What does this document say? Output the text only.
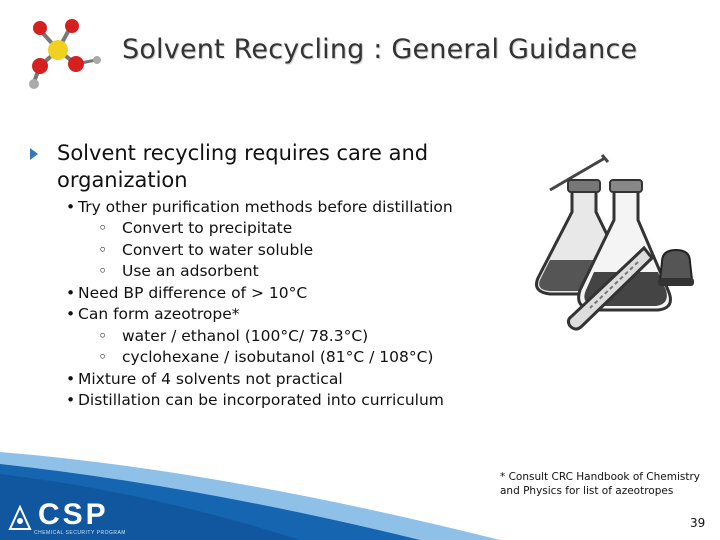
Solvent Recycling : General Guidance
Solvent recycling requires care and organization
• Try other purification methods before distillation
◦ Convert to precipitate
◦ Convert to water soluble
◦ Use an adsorbent
• Need BP difference of > 10°C
• Can form azeotrope*
◦ water / ethanol (100°C/ 78.3°C)
◦ cyclohexane / isobutanol (81°C / 108°C)
• Mixture of 4 solvents not practical
• Distillation can be incorporated into curriculum
CSP
CHEMICAL SECURITY PROGRAM
* Consult CRC Handbook of Chemistry and Physics for list of azeotropes
39
